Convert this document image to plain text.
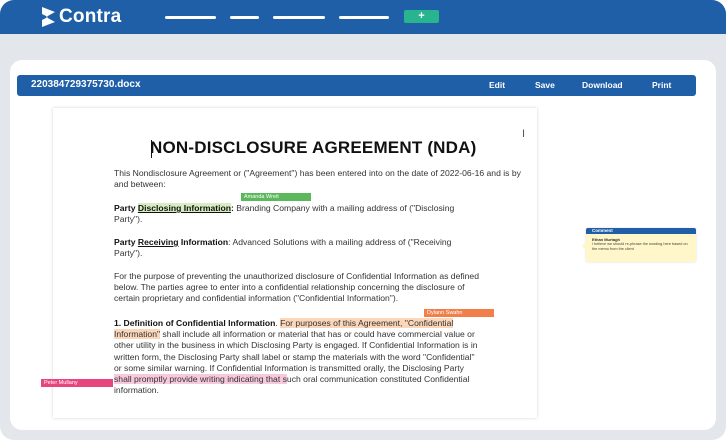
Contra	+
220384729375730.docx	Edit	Save	Download	Print
I
NON-DISCLOSURE AGREEMENT (NDA)
This Nondisclosure Agreement or ("Agreement") has been entered into on the date of 2022-06-16 and is by
and between:
Party Disclosing Information: Branding Company with a mailing address of ("Disclosing
Party").
Party Receiving Information: Advanced Solutions with a mailing address of ("Receiving
Party").
For the purpose of preventing the unauthorized disclosure of Confidential Information as defined
below. The parties agree to enter into a confidential relationship concerning the disclosure of
certain proprietary and confidential information ("Confidential Information").
1. Definition of Confidential Information. For purposes of this Agreement, "Confidential
Information" shall include all information or material that has or could have commercial value or
other utility in the business in which Disclosing Party is engaged. If Confidential Information is in
written form, the Disclosing Party shall label or stamp the materials with the word "Confidential"
or some similar warning. If Confidential Information is transmitted orally, the Disclosing Party
shall promptly provide writing indicating that such oral communication constituted Confidential
information.
Amanda Wreit
Dylann Swahn
Peter Mullany
Comment
Ethan Murtagh
I believe we should re-phrase the wording here based on the memo from the client
